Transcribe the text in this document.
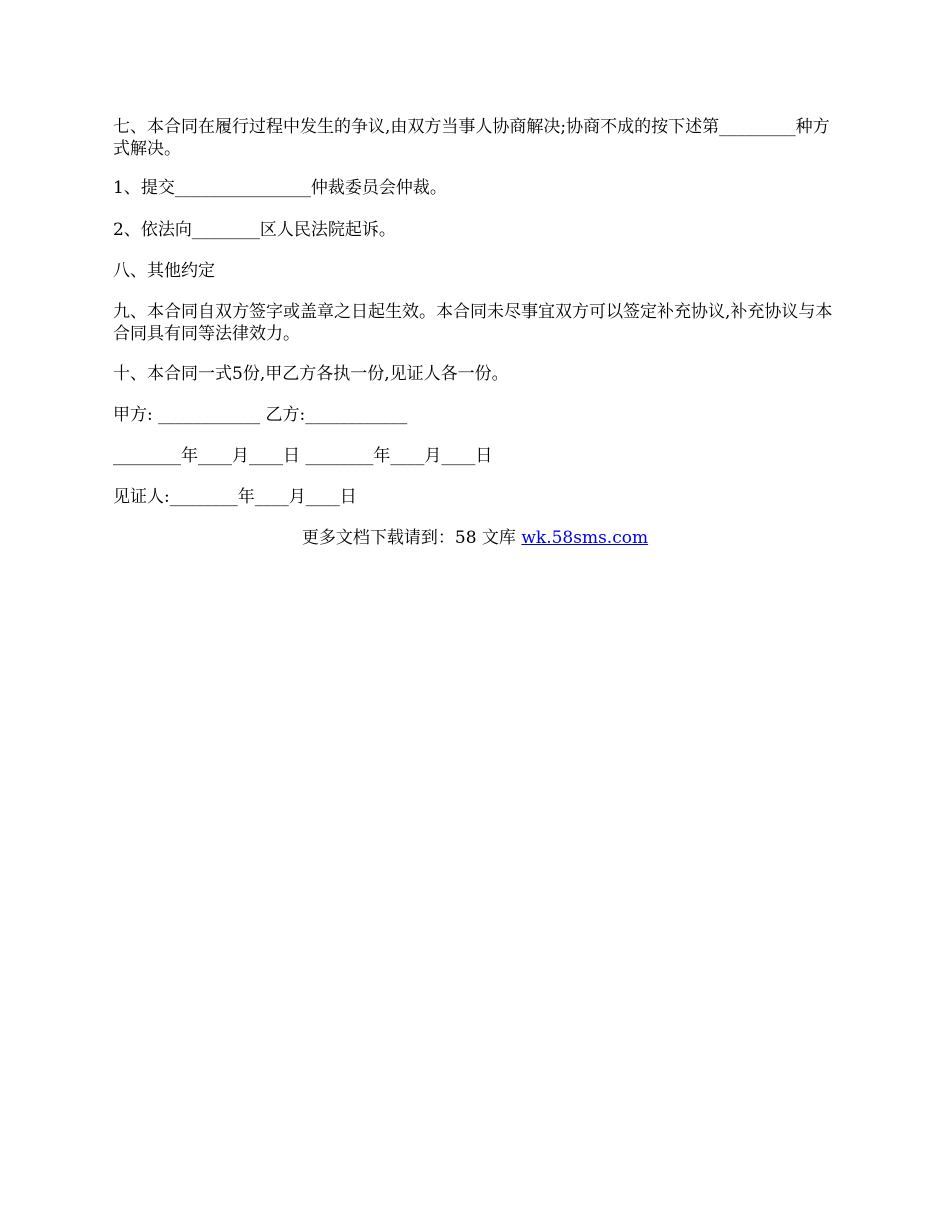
七、本合同在履行过程中发生的争议,由双方当事人协商解决;协商不成的按下述第_________种方式解决。

1、提交________________仲裁委员会仲裁。

2、依法向________区人民法院起诉。

八、其他约定

九、本合同自双方签字或盖章之日起生效。本合同未尽事宜双方可以签定补充协议,补充协议与本合同具有同等法律效力。

十、本合同一式5份,甲乙方各执一份,见证人各一份。

甲方: ____________ 乙方:____________

________年____月____日 ________年____月____日

见证人:________年____月____日

更多文档下载请到：58 文库 wk.58sms.com
